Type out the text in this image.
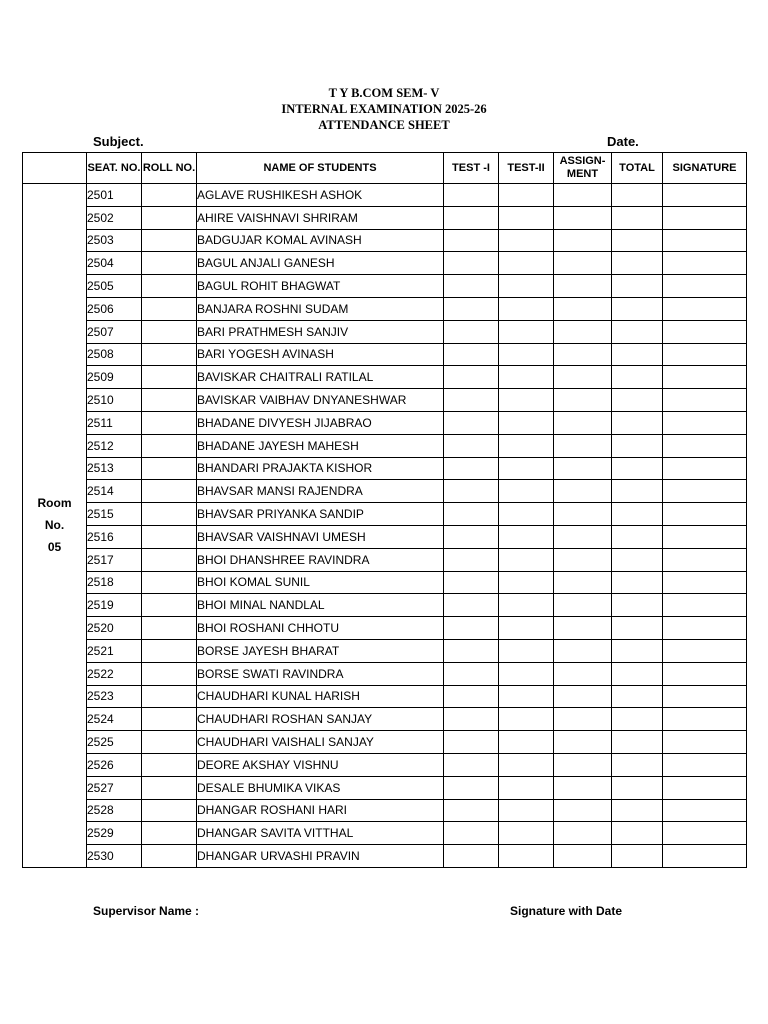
T Y B.COM SEM- V
INTERNAL EXAMINATION 2025-26
ATTENDANCE SHEET
Subject.	Date.
	SEAT. NO.	ROLL NO.	NAME OF STUDENTS	TEST -I	TEST-II	ASSIGN-MENT	TOTAL	SIGNATURE

Room
No.
05	2501		AGLAVE RUSHIKESH ASHOK					
	2502		AHIRE VAISHNAVI SHRIRAM					
	2503		BADGUJAR KOMAL AVINASH					
	2504		BAGUL ANJALI GANESH					
	2505		BAGUL ROHIT BHAGWAT					
	2506		BANJARA ROSHNI SUDAM					
	2507		BARI PRATHMESH SANJIV					
	2508		BARI YOGESH AVINASH					
	2509		BAVISKAR CHAITRALI RATILAL					
	2510		BAVISKAR VAIBHAV DNYANESHWAR					
	2511		BHADANE DIVYESH JIJABRAO					
	2512		BHADANE JAYESH MAHESH					
	2513		BHANDARI PRAJAKTA KISHOR					
	2514		BHAVSAR MANSI RAJENDRA					
	2515		BHAVSAR PRIYANKA SANDIP					
	2516		BHAVSAR VAISHNAVI UMESH					
	2517		BHOI DHANSHREE RAVINDRA					
	2518		BHOI KOMAL SUNIL					
	2519		BHOI MINAL NANDLAL					
	2520		BHOI ROSHANI CHHOTU					
	2521		BORSE JAYESH BHARAT					
	2522		BORSE SWATI RAVINDRA					
	2523		CHAUDHARI KUNAL HARISH					
	2524		CHAUDHARI ROSHAN SANJAY					
	2525		CHAUDHARI VAISHALI SANJAY					
	2526		DEORE AKSHAY VISHNU					
	2527		DESALE BHUMIKA VIKAS					
	2528		DHANGAR ROSHANI HARI					
	2529		DHANGAR SAVITA VITTHAL					
	2530		DHANGAR URVASHI PRAVIN					
Supervisor Name :	Signature with Date
